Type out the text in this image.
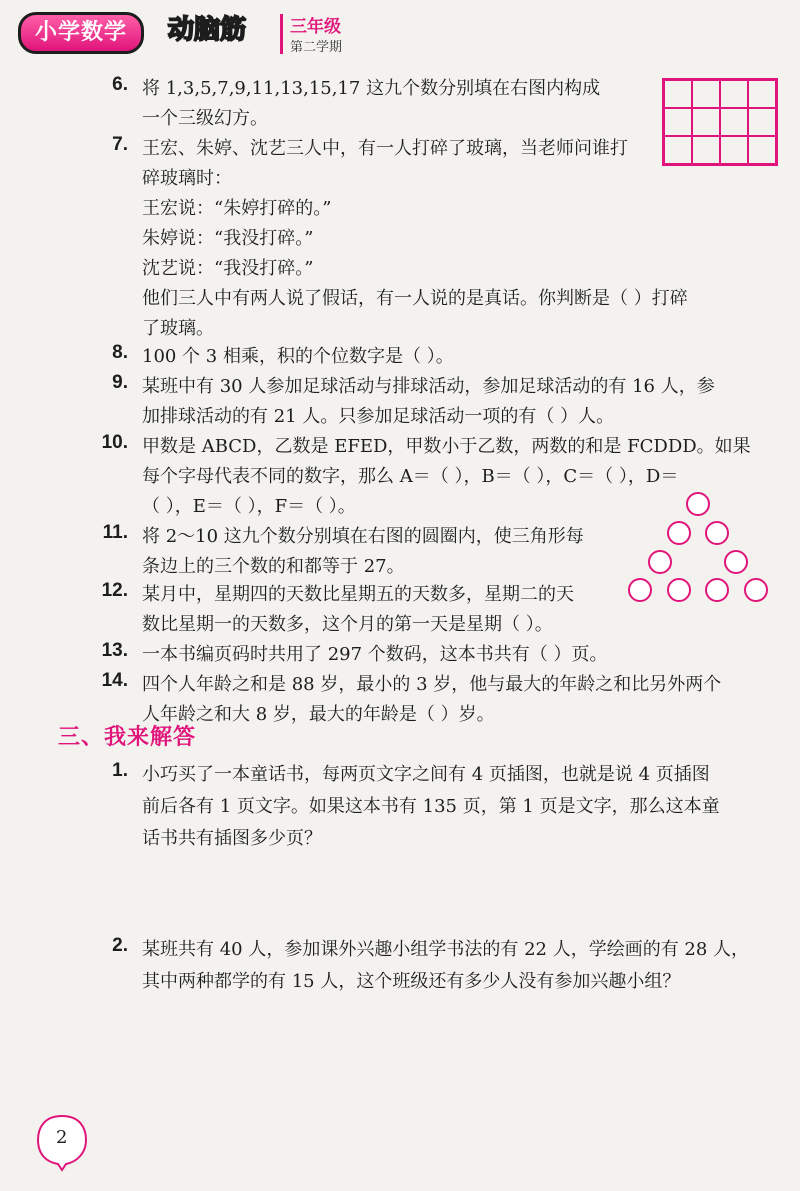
小学数学	动脑筋	三年级
第二学期
6. 将 1,3,5,7,9,11,13,15,17 这九个数分别填在右图内构成
一个三级幻方。
7. 王宏、朱婷、沈艺三人中，有一人打碎了玻璃，当老师问谁打
碎玻璃时：
王宏说：“朱婷打碎的。”
朱婷说：“我没打碎。”
沈艺说：“我没打碎。”
他们三人中有两人说了假话，有一人说的是真话。你判断是（ ）打碎
了玻璃。
8. 100 个 3 相乘，积的个位数字是（ ）。
9. 某班中有 30 人参加足球活动与排球活动，参加足球活动的有 16 人，参
加排球活动的有 21 人。只参加足球活动一项的有（ ）人。
10. 甲数是 ABCD，乙数是 EFED，甲数小于乙数，两数的和是 FCDDD。如果
每个字母代表不同的数字，那么 A＝（ ），B＝（ ），C＝（ ），D＝
（ ），E＝（ ），F＝（ ）。
11. 将 2～10 这九个数分别填在右图的圆圈内，使三角形每
条边上的三个数的和都等于 27。
12. 某月中，星期四的天数比星期五的天数多，星期二的天
数比星期一的天数多，这个月的第一天是星期（ ）。
13. 一本书编页码时共用了 297 个数码，这本书共有（ ）页。
14. 四个人年龄之和是 88 岁，最小的 3 岁，他与最大的年龄之和比另外两个
人年龄之和大 8 岁，最大的年龄是（ ）岁。
三、我来解答
1. 小巧买了一本童话书，每两页文字之间有 4 页插图，也就是说 4 页插图
前后各有 1 页文字。如果这本书有 135 页，第 1 页是文字，那么这本童
话书共有插图多少页？
2. 某班共有 40 人，参加课外兴趣小组学书法的有 22 人，学绘画的有 28 人，
其中两种都学的有 15 人，这个班级还有多少人没有参加兴趣小组？
2
